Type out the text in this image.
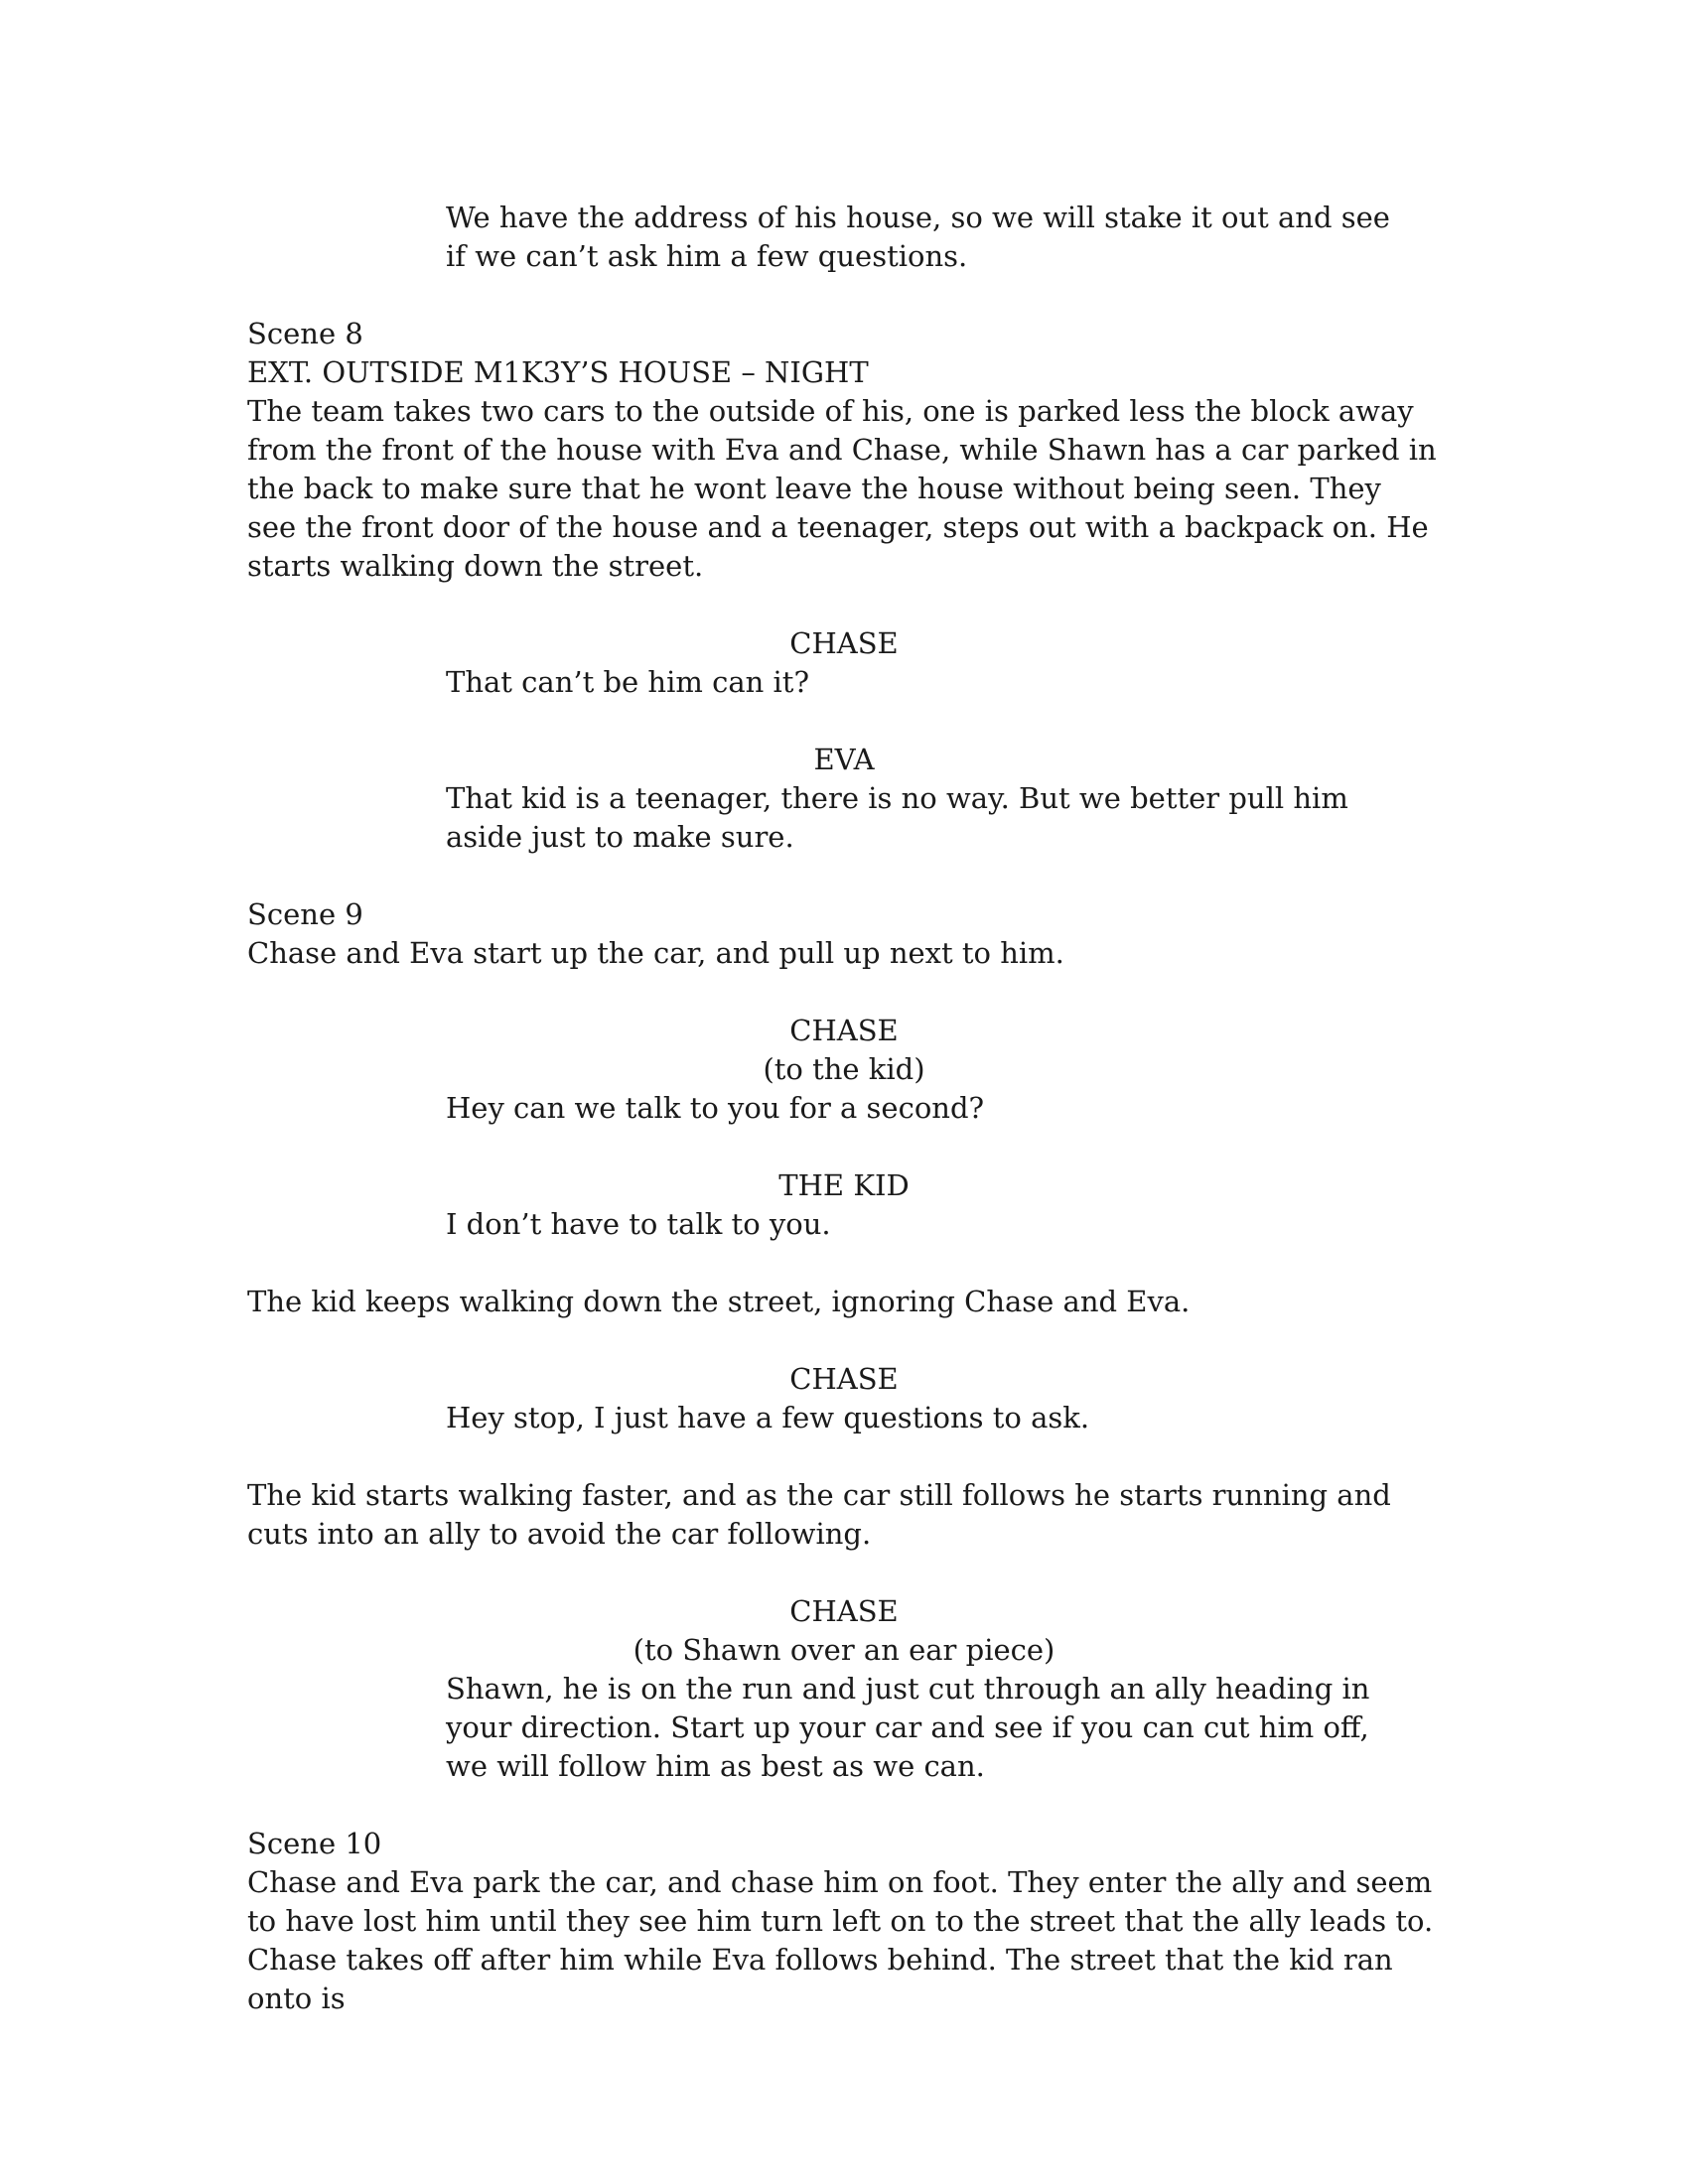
We have the address of his house, so we will stake it out and see if we can’t ask him a few questions.
Scene 8
EXT. OUTSIDE M1K3Y’S HOUSE – NIGHT
The team takes two cars to the outside of his, one is parked less the block away from the front of the house with Eva and Chase, while Shawn has a car parked in the back to make sure that he wont leave the house without being seen. They see the front door of the house and a teenager, steps out with a backpack on. He starts walking down the street.
CHASE
That can’t be him can it?
EVA
That kid is a teenager, there is no way. But we better pull him aside just to make sure.
Scene 9
Chase and Eva start up the car, and pull up next to him.
CHASE
(to the kid)
Hey can we talk to you for a second?
THE KID
I don’t have to talk to you.
The kid keeps walking down the street, ignoring Chase and Eva.
CHASE
Hey stop, I just have a few questions to ask.
The kid starts walking faster, and as the car still follows he starts running and cuts into an ally to avoid the car following.
CHASE
(to Shawn over an ear piece)
Shawn, he is on the run and just cut through an ally heading in your direction. Start up your car and see if you can cut him off, we will follow him as best as we can.
Scene 10
Chase and Eva park the car, and chase him on foot. They enter the ally and seem to have lost him until they see him turn left on to the street that the ally leads to. Chase takes off after him while Eva follows behind. The street that the kid ran onto is
